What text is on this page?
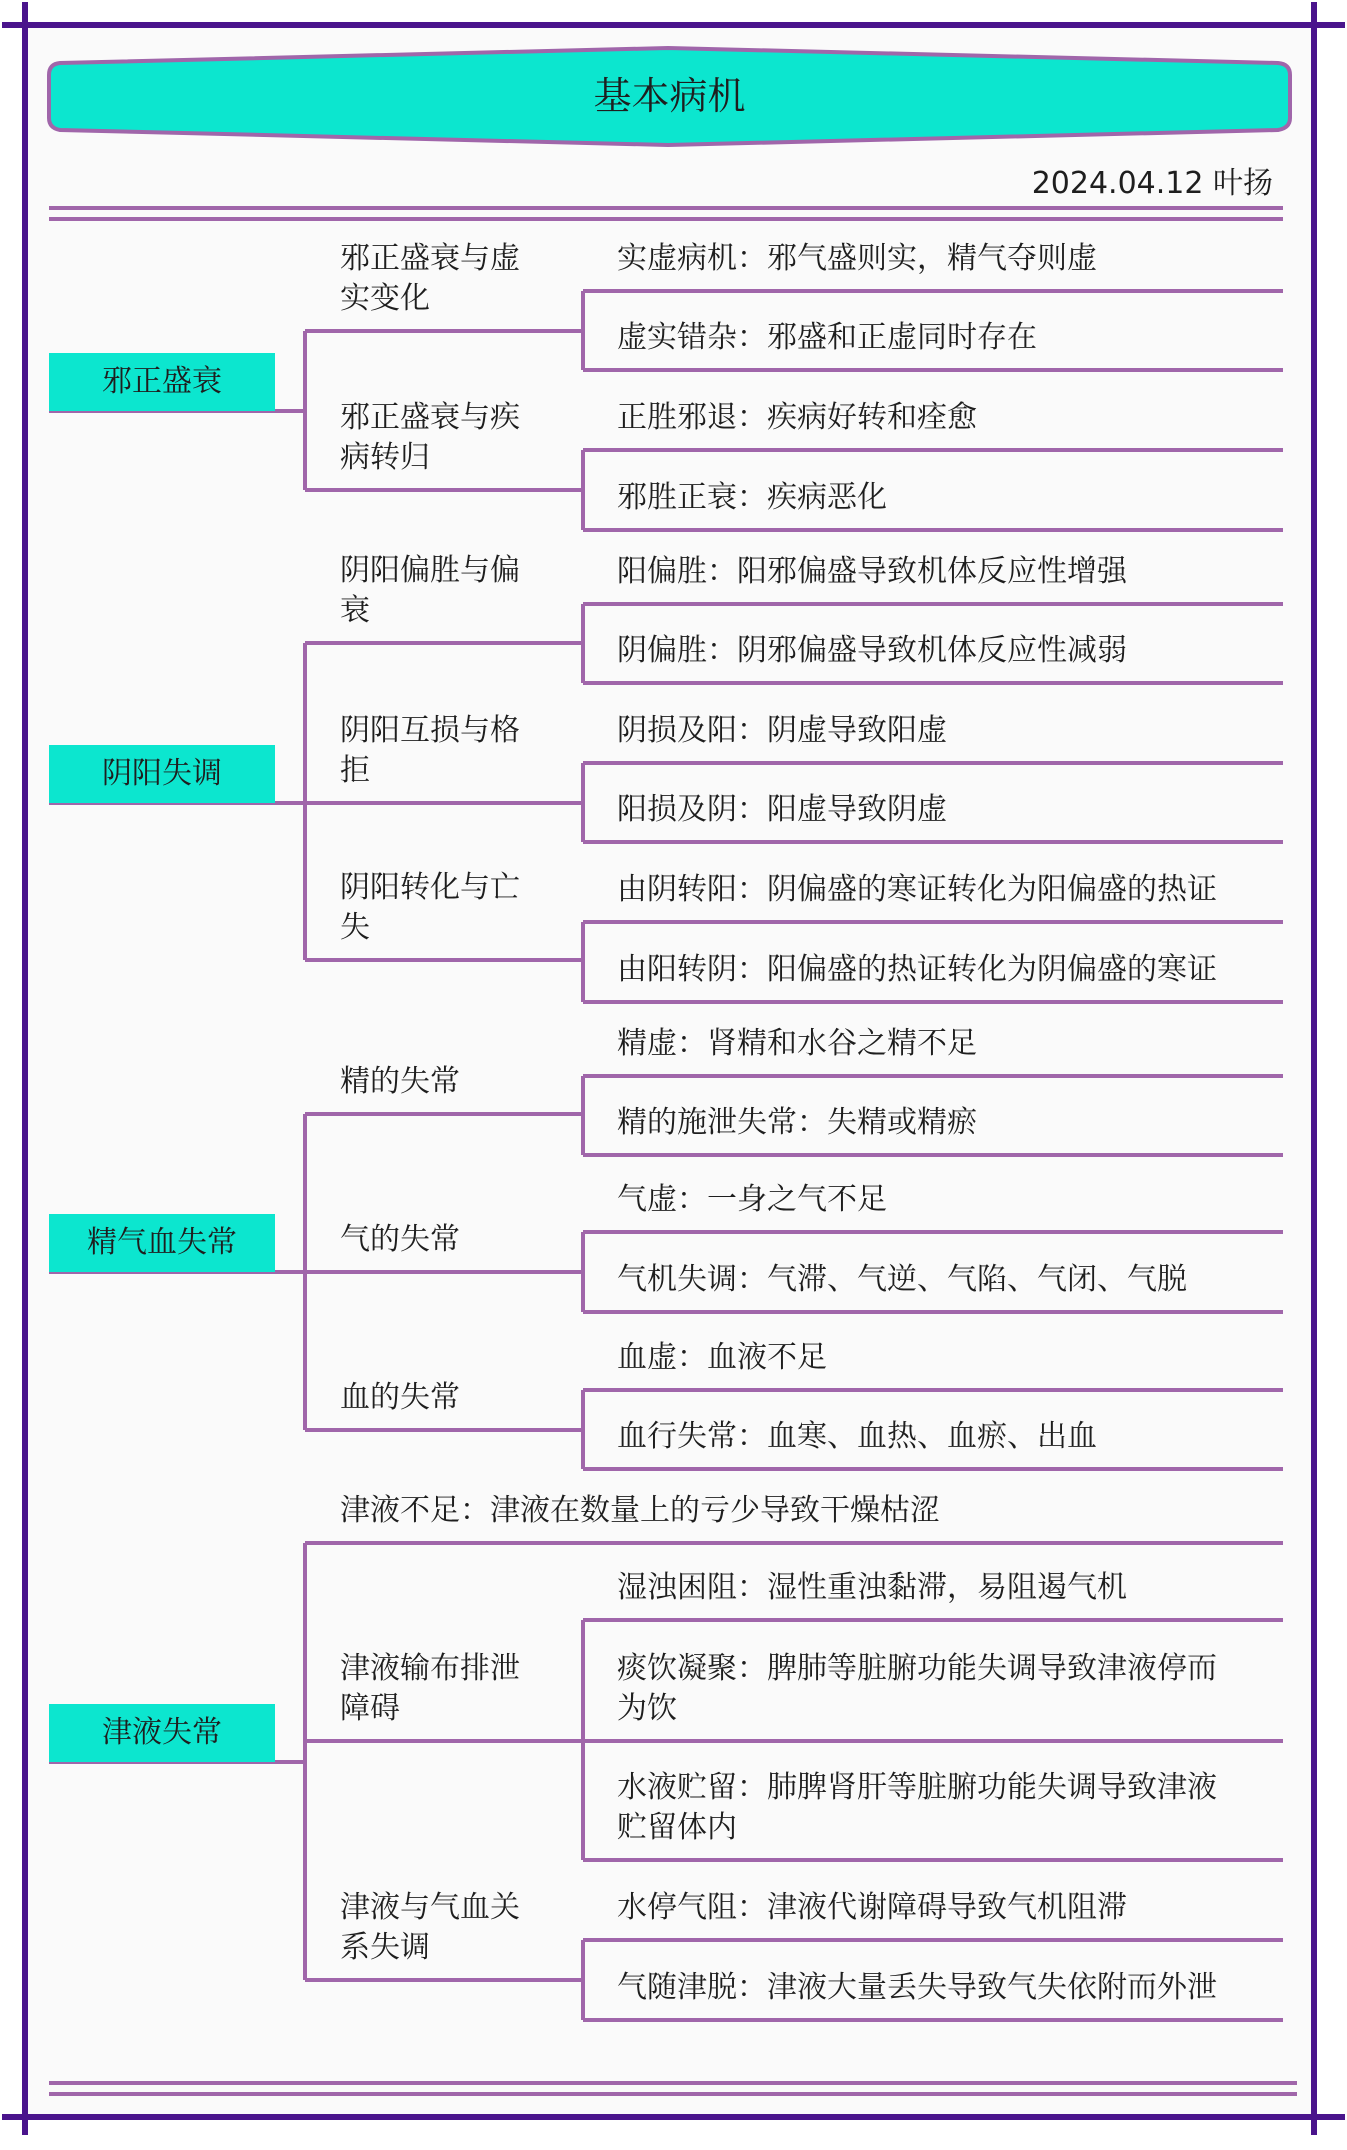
基本病机
2024.04.12 叶扬
邪正盛衰
邪正盛衰与虚实变化
实虚病机：邪气盛则实，精气夺则虚
虚实错杂：邪盛和正虚同时存在
邪正盛衰与疾病转归
正胜邪退：疾病好转和痊愈
邪胜正衰：疾病恶化
阴阳失调
阴阳偏胜与偏衰
阳偏胜：阳邪偏盛导致机体反应性增强
阴偏胜：阴邪偏盛导致机体反应性减弱
阴阳互损与格拒
阴损及阳：阴虚导致阳虚
阳损及阴：阳虚导致阴虚
阴阳转化与亡失
由阴转阳：阴偏盛的寒证转化为阳偏盛的热证
由阳转阴：阳偏盛的热证转化为阴偏盛的寒证
精气血失常
精的失常
精虚：肾精和水谷之精不足
精的施泄失常：失精或精瘀
气的失常
气虚：一身之气不足
气机失调：气滞、气逆、气陷、气闭、气脱
血的失常
血虚：血液不足
血行失常：血寒、血热、血瘀、出血
津液失常
津液不足：津液在数量上的亏少导致干燥枯涩
津液输布排泄障碍
湿浊困阻：湿性重浊黏滞，易阻遏气机
痰饮凝聚：脾肺等脏腑功能失调导致津液停而为饮
水液贮留：肺脾肾肝等脏腑功能失调导致津液贮留体内
津液与气血关系失调
水停气阻：津液代谢障碍导致气机阻滞
气随津脱：津液大量丢失导致气失依附而外泄
